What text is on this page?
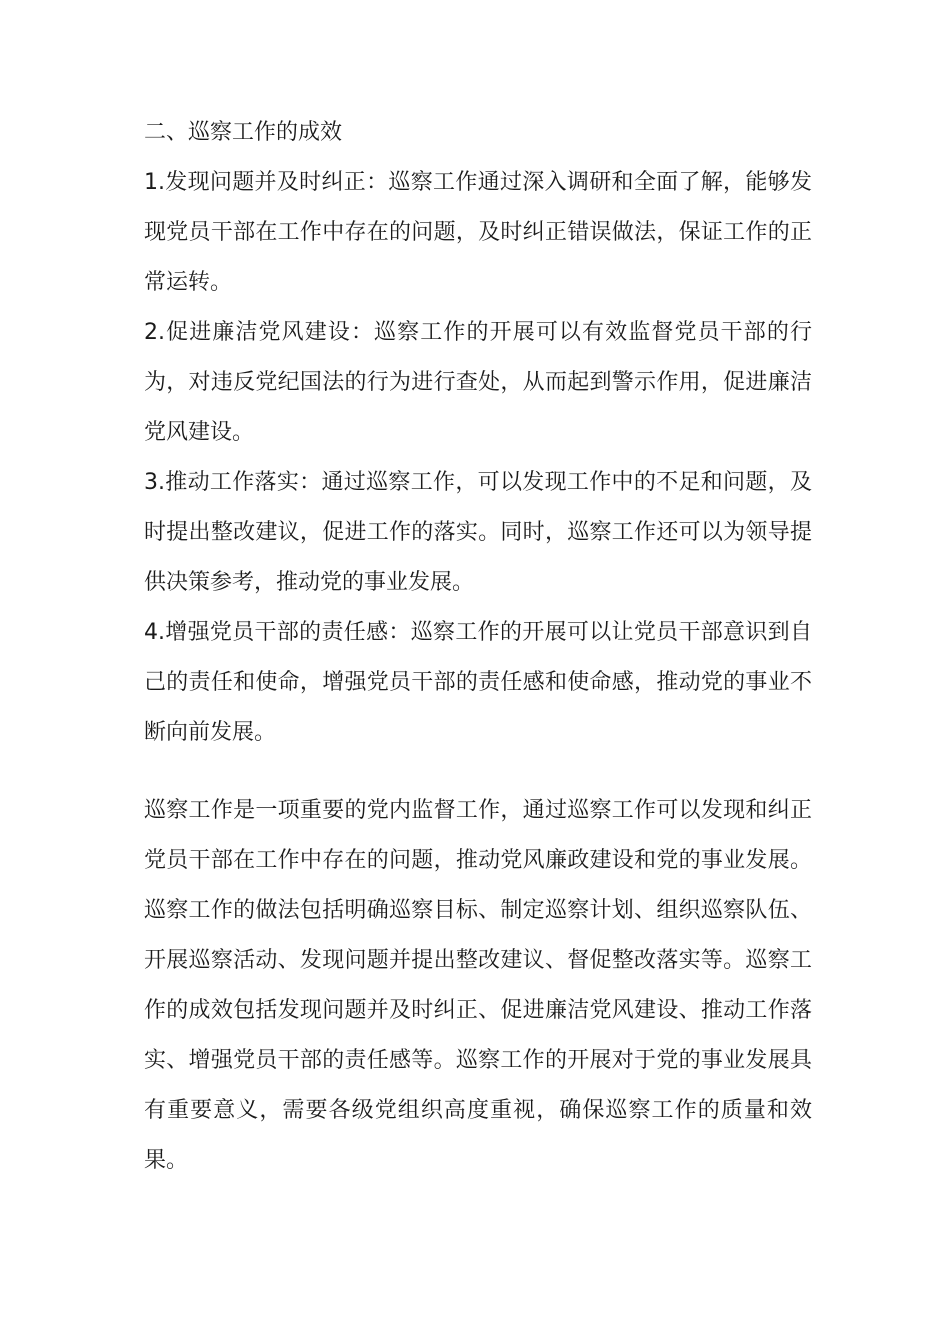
二、巡察工作的成效

1.发现问题并及时纠正：巡察工作通过深入调研和全面了解，能够发现党员干部在工作中存在的问题，及时纠正错误做法，保证工作的正常运转。

2.促进廉洁党风建设：巡察工作的开展可以有效监督党员干部的行为，对违反党纪国法的行为进行查处，从而起到警示作用，促进廉洁党风建设。

3.推动工作落实：通过巡察工作，可以发现工作中的不足和问题，及时提出整改建议，促进工作的落实。同时，巡察工作还可以为领导提供决策参考，推动党的事业发展。

4.增强党员干部的责任感：巡察工作的开展可以让党员干部意识到自己的责任和使命，增强党员干部的责任感和使命感，推动党的事业不断向前发展。

巡察工作是一项重要的党内监督工作，通过巡察工作可以发现和纠正党员干部在工作中存在的问题，推动党风廉政建设和党的事业发展。巡察工作的做法包括明确巡察目标、制定巡察计划、组织巡察队伍、开展巡察活动、发现问题并提出整改建议、督促整改落实等。巡察工作的成效包括发现问题并及时纠正、促进廉洁党风建设、推动工作落实、增强党员干部的责任感等。巡察工作的开展对于党的事业发展具有重要意义，需要各级党组织高度重视，确保巡察工作的质量和效果。
